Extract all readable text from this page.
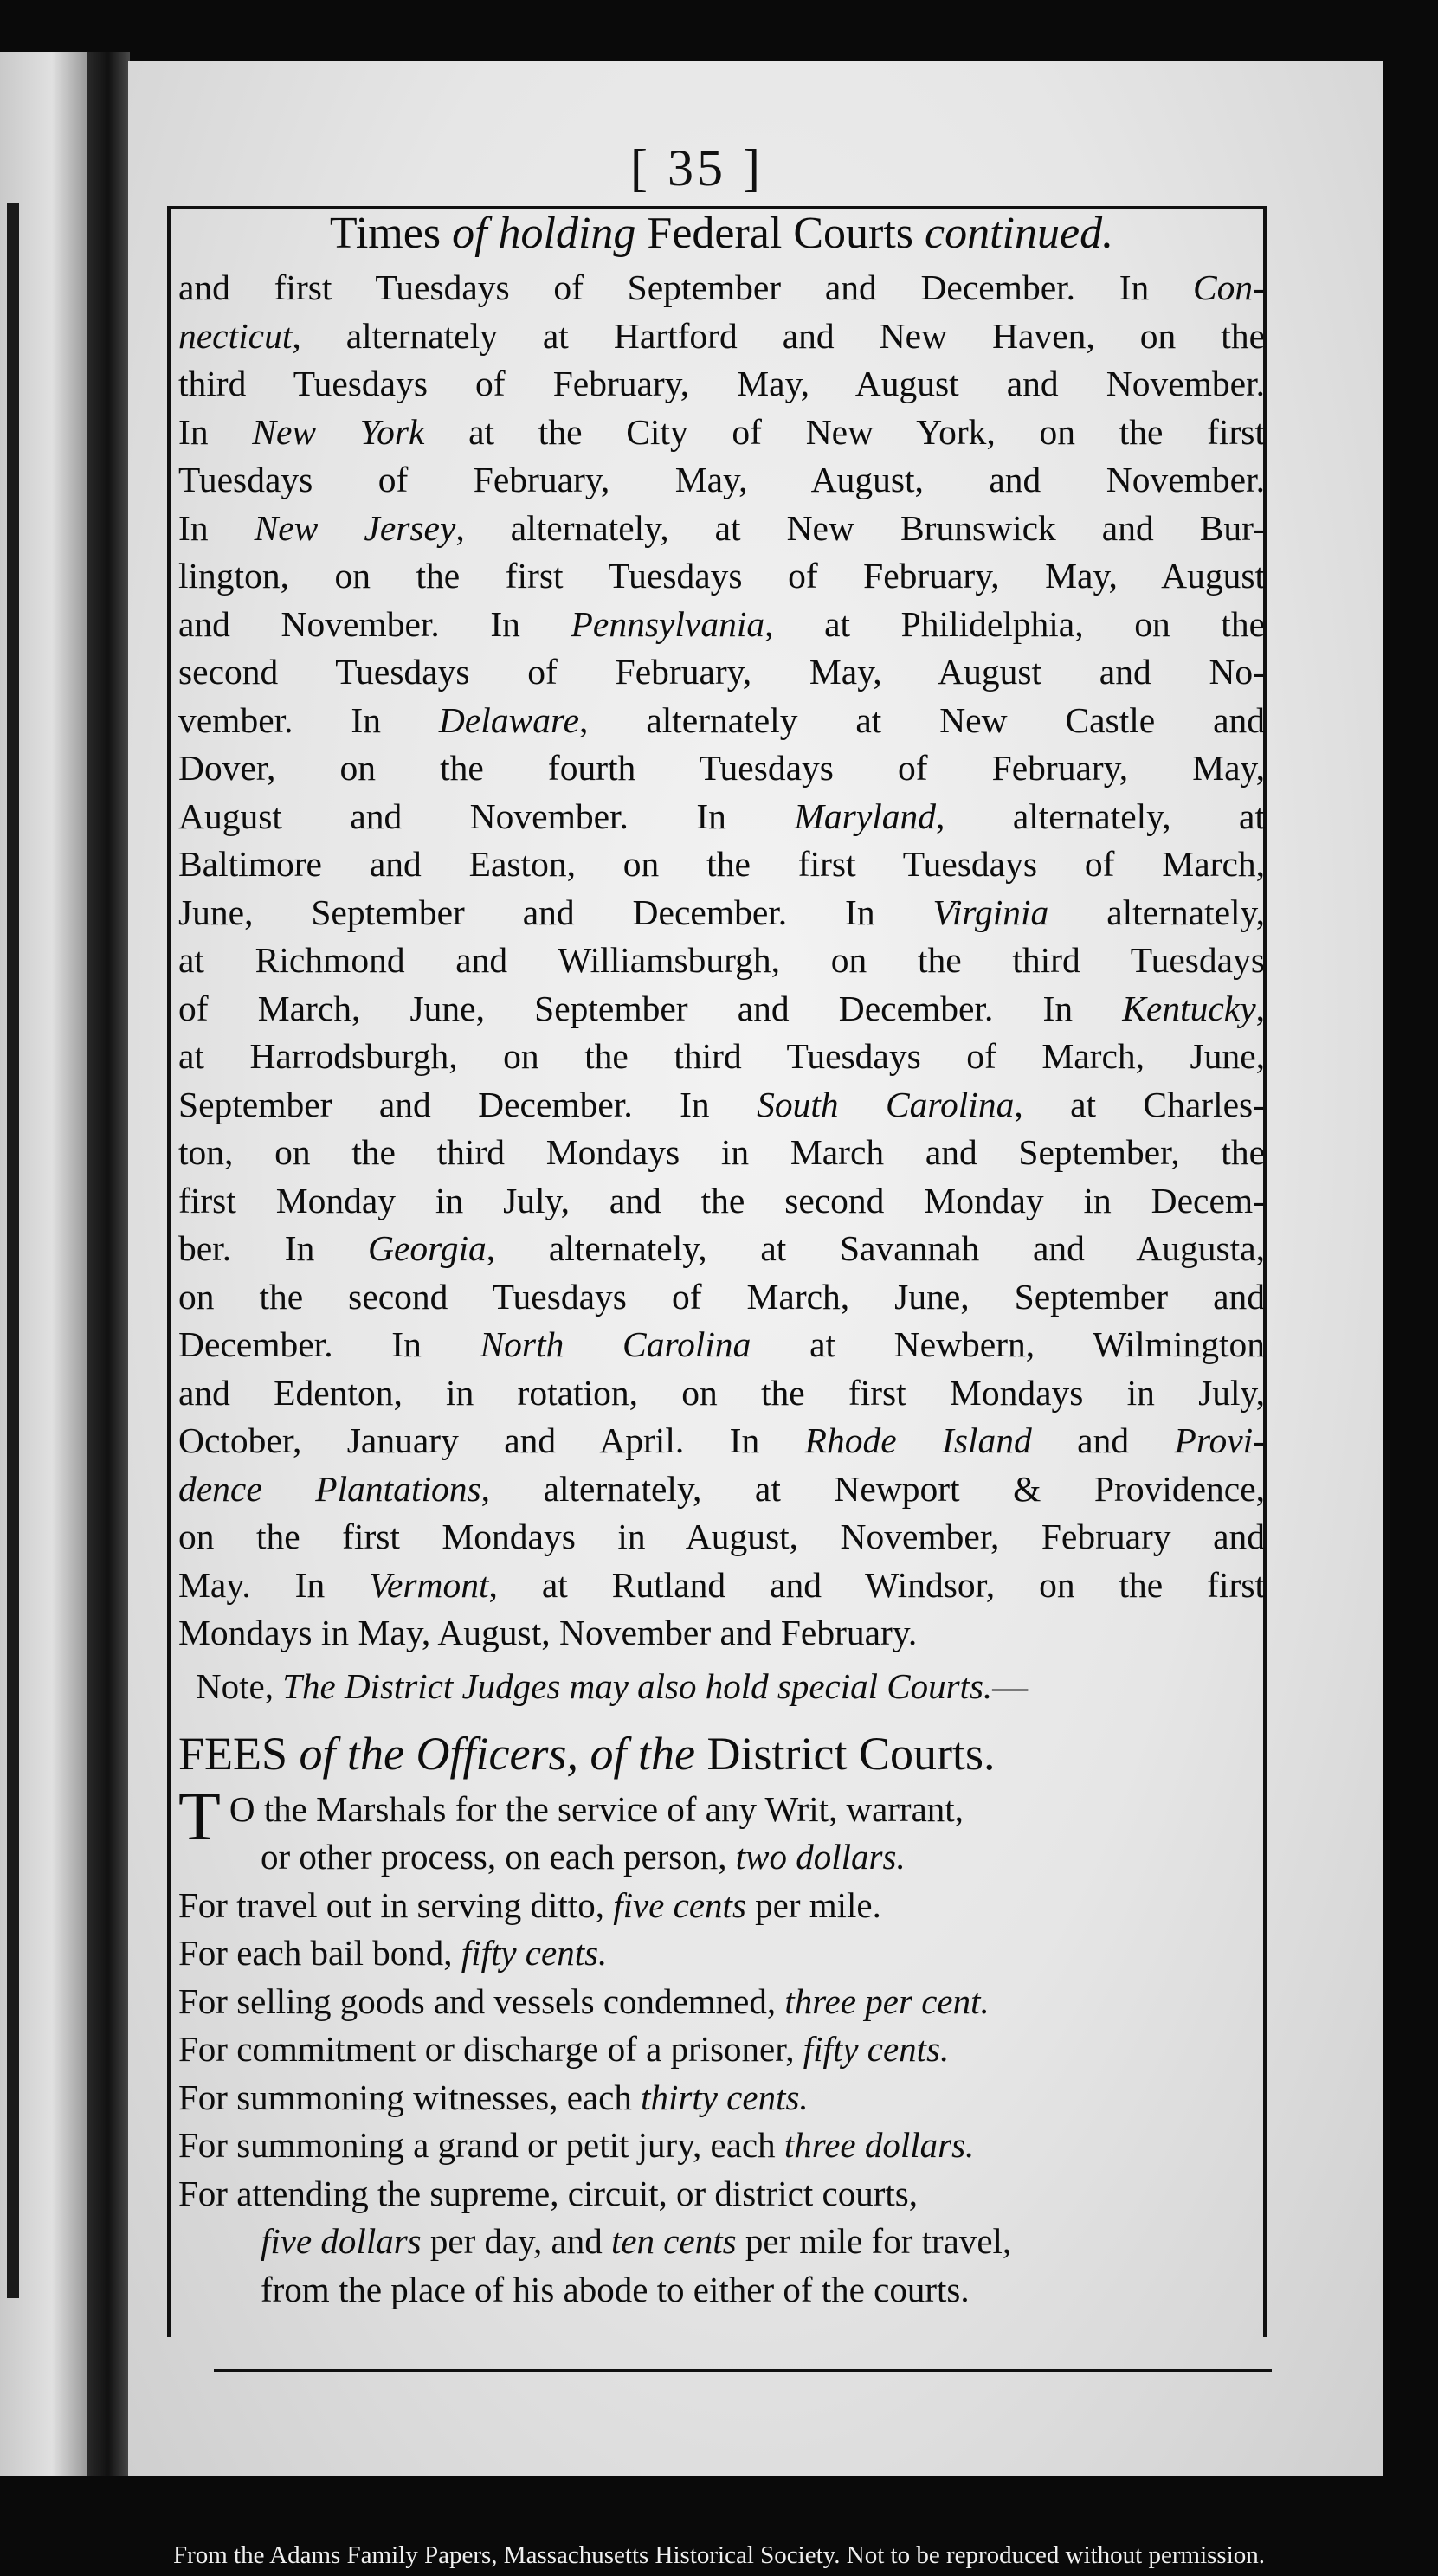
[ 35 ]
Times of holding Federal Courts continued.
and first Tuesdays of September and December. In Con-
necticut, alternately at Hartford and New Haven, on the
third Tuesdays of February, May, August and November.
In New York at the City of New York, on the first
Tuesdays of February, May, August, and November.
In New Jersey, alternately, at New Brunswick and Bur-
lington, on the first Tuesdays of February, May, August
and November. In Pennsylvania, at Philidelphia, on the
second Tuesdays of February, May, August and No-
vember. In Delaware, alternately at New Castle and
Dover, on the fourth Tuesdays of February, May,
August and November. In Maryland, alternately, at
Baltimore and Easton, on the first Tuesdays of March,
June, September and December. In Virginia alternately,
at Richmond and Williamsburgh, on the third Tuesdays
of March, June, September and December. In Kentucky,
at Harrodsburgh, on the third Tuesdays of March, June,
September and December. In South Carolina, at Charles-
ton, on the third Mondays in March and September, the
first Monday in July, and the second Monday in Decem-
ber. In Georgia, alternately, at Savannah and Augusta,
on the second Tuesdays of March, June, September and
December. In North Carolina at Newbern, Wilmington
and Edenton, in rotation, on the first Mondays in July,
October, January and April. In Rhode Island and Provi-
dence Plantations, alternately, at Newport & Providence,
on the first Mondays in August, November, February and
May. In Vermont, at Rutland and Windsor, on the first
Mondays in May, August, November and February.
Note, The District Judges may also hold special Courts.—
FEES of the Officers, of the District Courts.
T O the Marshals for the service of any Writ, warrant,
or other process, on each person, two dollars.
For travel out in serving ditto, five cents per mile.
For each bail bond, fifty cents.
For selling goods and vessels condemned, three per cent.
For commitment or discharge of a prisoner, fifty cents.
For summoning witnesses, each thirty cents.
For summoning a grand or petit jury, each three dollars.
For attending the supreme, circuit, or district courts,
five dollars per day, and ten cents per mile for travel,
from the place of his abode to either of the courts.
From the Adams Family Papers, Massachusetts Historical Society. Not to be reproduced without permission.
